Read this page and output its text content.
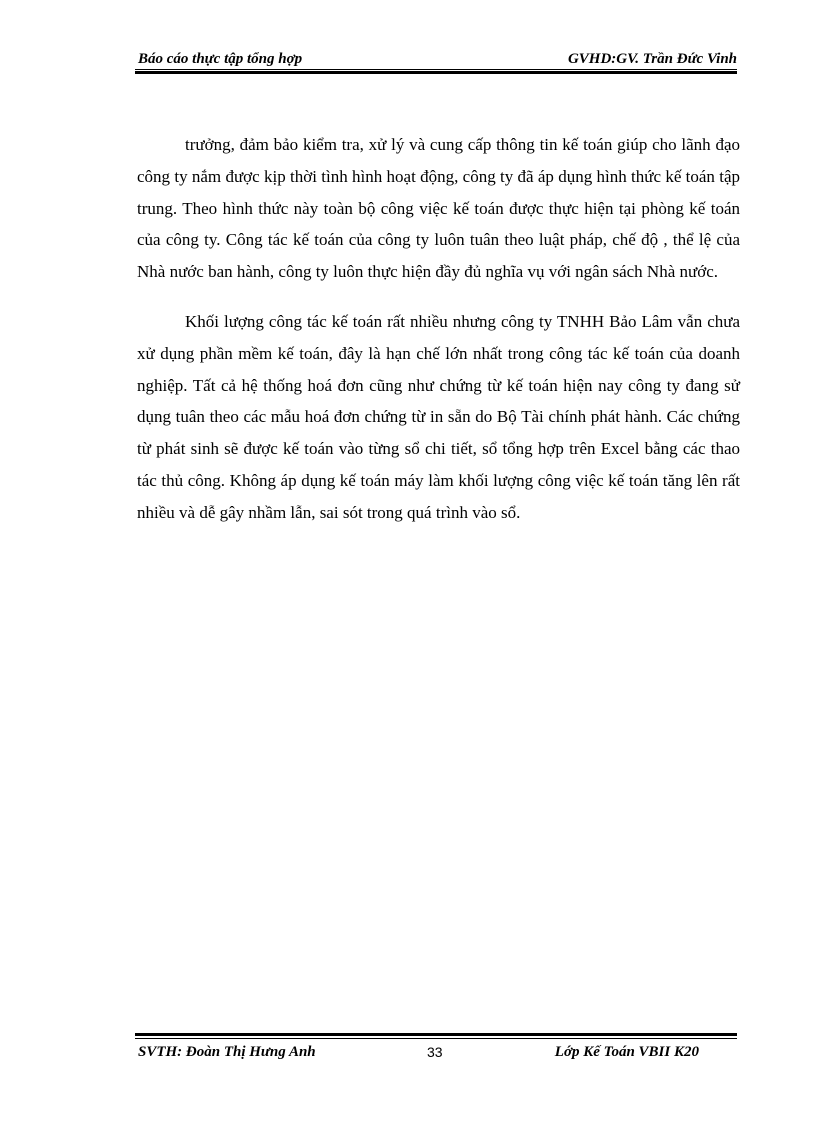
Báo cáo thực tập tổng hợp	GVHD:GV. Trần Đức Vinh

trưởng, đảm bảo kiểm tra, xử lý và cung cấp thông tin kế toán giúp cho lãnh đạo công ty nắm được kịp thời tình hình hoạt động, công ty đã áp dụng hình thức kế toán tập trung. Theo hình thức này toàn bộ công việc kế toán được thực hiện tại phòng kế toán của công ty. Công tác kế toán của công ty luôn tuân theo luật pháp, chế độ , thể lệ của Nhà nước ban hành, công ty luôn thực hiện đầy đủ nghĩa vụ với ngân sách Nhà nước.

Khối lượng công tác kế toán rất nhiều nhưng công ty TNHH Bảo Lâm vẫn chưa xử dụng phần mềm kế toán, đây là hạn chế lớn nhất trong công tác kế toán của doanh nghiệp. Tất cả hệ thống hoá đơn cũng như chứng từ kế toán hiện nay công ty đang sử dụng tuân theo các mẫu hoá đơn chứng từ in sẵn do Bộ Tài chính phát hành. Các chứng từ phát sinh sẽ được kế toán vào từng sổ chi tiết, sổ tổng hợp trên Excel bằng các thao tác thủ công. Không áp dụng kế toán máy làm khối lượng công việc kế toán tăng lên rất nhiều và dễ gây nhầm lẫn, sai sót trong quá trình vào sổ.

SVTH: Đoàn Thị Hưng Anh	33	Lớp Kế Toán VBII K20
